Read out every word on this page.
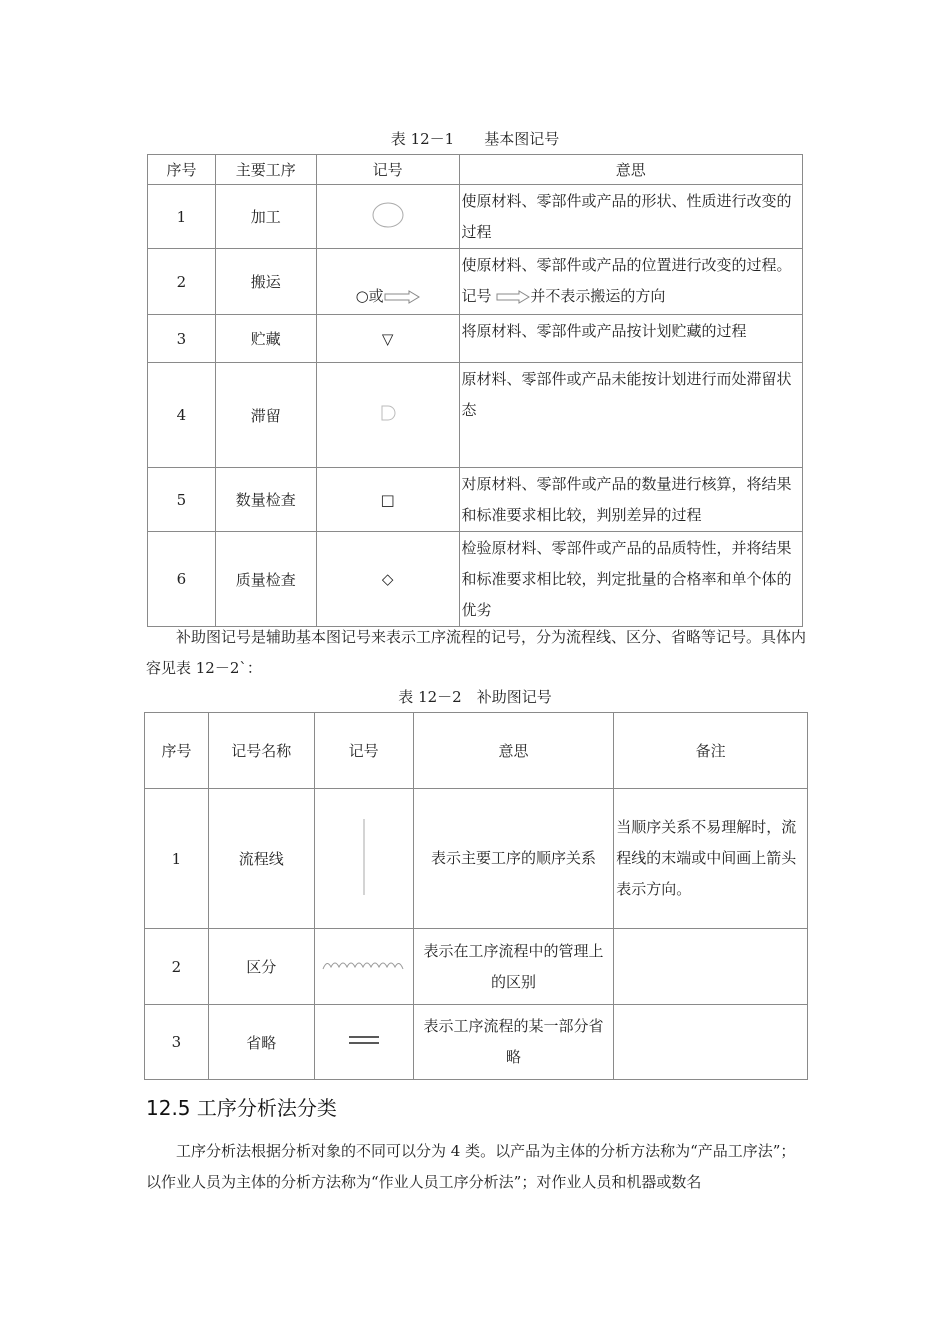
表 12－1　　基本图记号
序号	主要工序	记号	意思
1	加工		使原材料、零部件或产品的形状、性质进行改变的过程
2	搬运	○或	使原材料、零部件或产品的位置进行改变的过程。记号 并不表示搬运的方向
3	贮藏	▽	将原材料、零部件或产品按计划贮藏的过程
4	滞留		原材料、零部件或产品未能按计划进行而处滞留状态
5	数量检查	□	对原材料、零部件或产品的数量进行核算，将结果和标准要求相比较，判别差异的过程
6	质量检查	◇	检验原材料、零部件或产品的品质特性，并将结果和标准要求相比较，判定批量的合格率和单个体的优劣
补助图记号是辅助基本图记号来表示工序流程的记号，分为流程线、区分、省略等记号。具体内容见表 12－2`：
表 12－2　补助图记号
序号	记号名称	记号	意思	备注
1	流程线		表示主要工序的顺序关系	当顺序关系不易理解时，流程线的末端或中间画上箭头表示方向。
2	区分		表示在工序流程中的管理上的区别	
3	省略		表示工序流程的某一部分省略	
12.5 工序分析法分类
工序分析法根据分析对象的不同可以分为 4 类。以产品为主体的分析方法称为“产品工序法”；以作业人员为主体的分析方法称为“作业人员工序分析法”；对作业人员和机器或数名
